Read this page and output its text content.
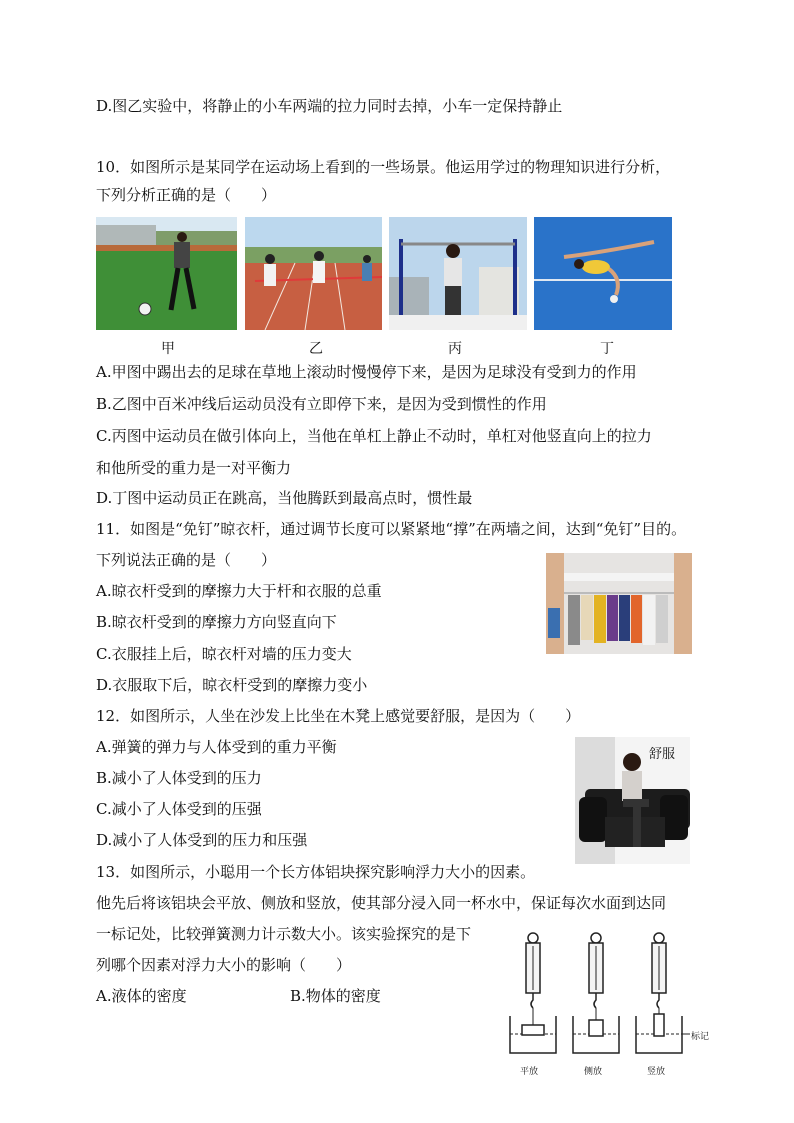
D.图乙实验中，将静止的小车两端的拉力同时去掉，小车一定保持静止
10．如图所示是某同学在运动场上看到的一些场景。他运用学过的物理知识进行分析，
下列分析正确的是（　　）
甲	乙	丙	丁
A.甲图中踢出去的足球在草地上滚动时慢慢停下来，是因为足球没有受到力的作用
B.乙图中百米冲线后运动员没有立即停下来，是因为受到惯性的作用
C.丙图中运动员在做引体向上，当他在单杠上静止不动时，单杠对他竖直向上的拉力
和他所受的重力是一对平衡力
D.丁图中运动员正在跳高，当他腾跃到最高点时，惯性最
11．如图是“免钉”晾衣杆，通过调节长度可以紧紧地“撑”在两墙之间，达到“免钉”目的。
下列说法正确的是（　　）
A.晾衣杆受到的摩擦力大于杆和衣服的总重
B.晾衣杆受到的摩擦力方向竖直向下
C.衣服挂上后，晾衣杆对墙的压力变大
D.衣服取下后，晾衣杆受到的摩擦力变小
12．如图所示，人坐在沙发上比坐在木凳上感觉要舒服，是因为（　　）
A.弹簧的弹力与人体受到的重力平衡
B.减小了人体受到的压力
C.减小了人体受到的压强
D.减小了人体受到的压力和压强
舒服
13．如图所示，小聪用一个长方体铝块探究影响浮力大小的因素。
他先后将该铝块会平放、侧放和竖放，使其部分浸入同一杯水中，保证每次水面到达同
一标记处，比较弹簧测力计示数大小。该实验探究的是下
列哪个因素对浮力大小的影响（　　）
A.液体的密度	B.物体的密度
标记
平放	侧放	竖放
